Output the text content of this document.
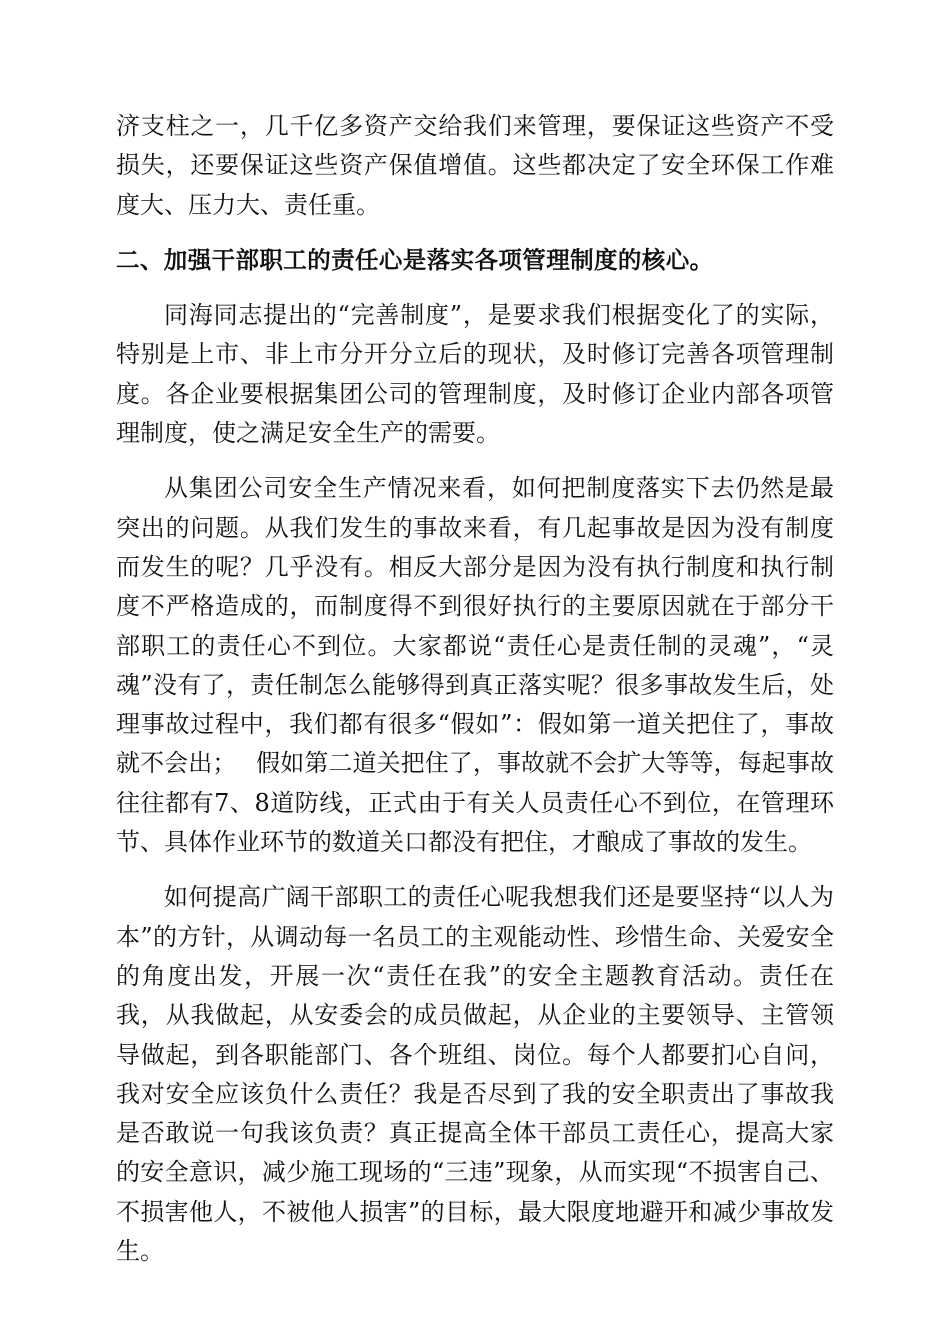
济支柱之一，几千亿多资产交给我们来管理，要保证这些资产不受损失，还要保证这些资产保值增值。这些都决定了安全环保工作难度大、压力大、责任重。

二、加强干部职工的责任心是落实各项管理制度的核心。

同海同志提出的“完善制度”，是要求我们根据变化了的实际，特别是上市、非上市分开分立后的现状，及时修订完善各项管理制度。各企业要根据集团公司的管理制度，及时修订企业内部各项管理制度，使之满足安全生产的需要。

从集团公司安全生产情况来看，如何把制度落实下去仍然是最突出的问题。从我们发生的事故来看，有几起事故是因为没有制度而发生的呢？几乎没有。相反大部分是因为没有执行制度和执行制度不严格造成的，而制度得不到很好执行的主要原因就在于部分干部职工的责任心不到位。大家都说“责任心是责任制的灵魂”，“灵魂”没有了，责任制怎么能够得到真正落实呢？很多事故发生后，处理事故过程中，我们都有很多“假如”：假如第一道关把住了，事故就不会出；　 假如第二道关把住了，事故就不会扩大等等，每起事故往往都有7、8道防线，正式由于有关人员责任心不到位，在管理环节、具体作业环节的数道关口都没有把住，才酿成了事故的发生。

如何提高广阔干部职工的责任心呢我想我们还是要坚持“以人为本”的方针，从调动每一名员工的主观能动性、珍惜生命、关爱安全的角度出发，开展一次“责任在我”的安全主题教育活动。责任在我，从我做起，从安委会的成员做起，从企业的主要领导、主管领导做起，到各职能部门、各个班组、岗位。每个人都要扪心自问，我对安全应该负什么责任？我是否尽到了我的安全职责出了事故我是否敢说一句我该负责？真正提高全体干部员工责任心，提高大家的安全意识，减少施工现场的“三违”现象，从而实现“不损害自己、不损害他人，不被他人损害”的目标，最大限度地避开和减少事故发生。
